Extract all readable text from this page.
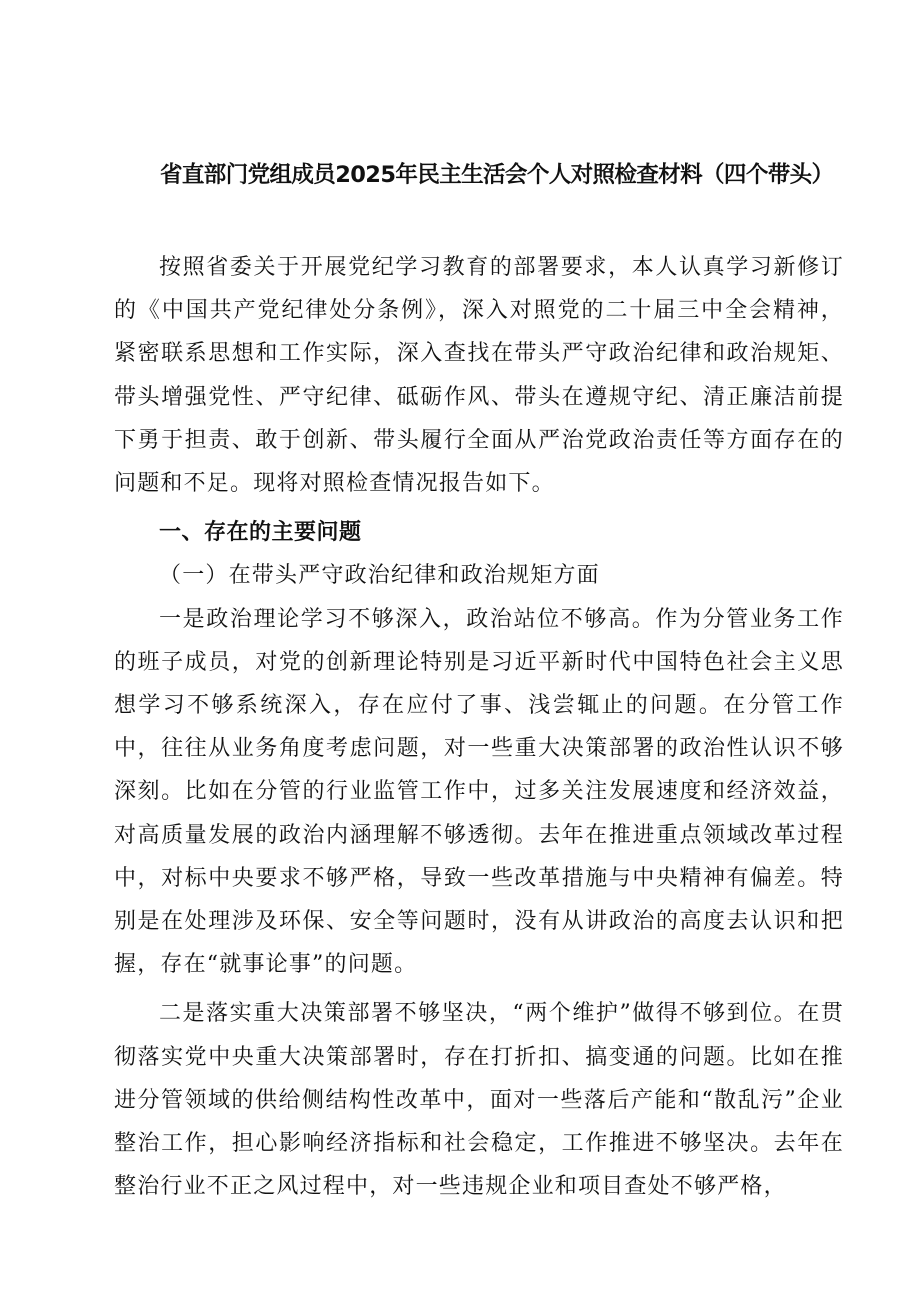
省直部门党组成员2025年民主生活会个人对照检查材料（四个带头）

按照省委关于开展党纪学习教育的部署要求，本人认真学习新修订的《中国共产党纪律处分条例》，深入对照党的二十届三中全会精神，紧密联系思想和工作实际，深入查找在带头严守政治纪律和政治规矩、带头增强党性、严守纪律、砥砺作风、带头在遵规守纪、清正廉洁前提下勇于担责、敢于创新、带头履行全面从严治党政治责任等方面存在的问题和不足。现将对照检查情况报告如下。

一、存在的主要问题

（一）在带头严守政治纪律和政治规矩方面

一是政治理论学习不够深入，政治站位不够高。作为分管业务工作的班子成员，对党的创新理论特别是习近平新时代中国特色社会主义思想学习不够系统深入，存在应付了事、浅尝辄止的问题。在分管工作中，往往从业务角度考虑问题，对一些重大决策部署的政治性认识不够深刻。比如在分管的行业监管工作中，过多关注发展速度和经济效益，对高质量发展的政治内涵理解不够透彻。去年在推进重点领域改革过程中，对标中央要求不够严格，导致一些改革措施与中央精神有偏差。特别是在处理涉及环保、安全等问题时，没有从讲政治的高度去认识和把握，存在“就事论事”的问题。

二是落实重大决策部署不够坚决，“两个维护”做得不够到位。在贯彻落实党中央重大决策部署时，存在打折扣、搞变通的问题。比如在推进分管领域的供给侧结构性改革中，面对一些落后产能和“散乱污”企业整治工作，担心影响经济指标和社会稳定，工作推进不够坚决。去年在整治行业不正之风过程中，对一些违规企业和项目查处不够严格，
